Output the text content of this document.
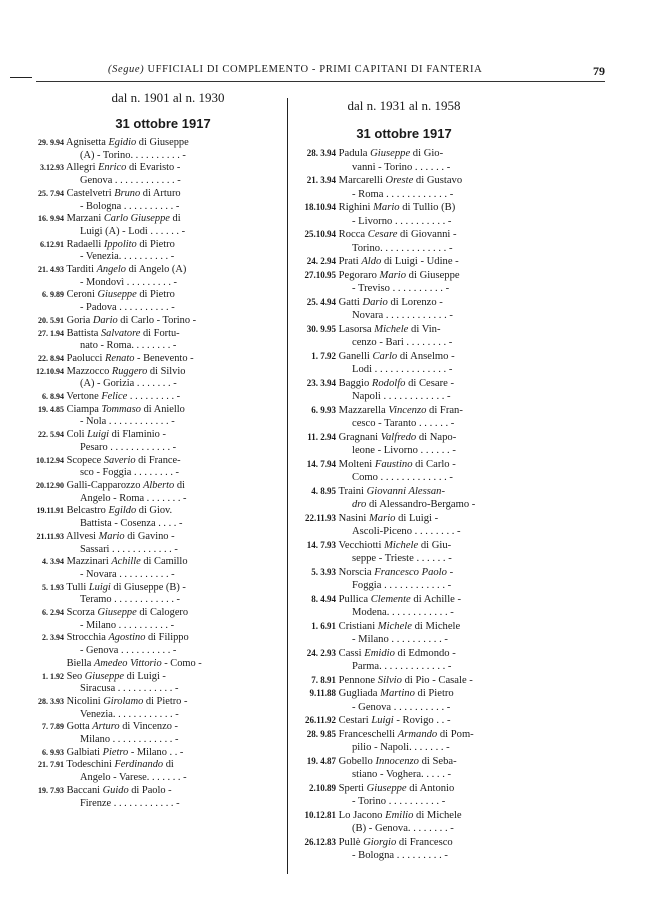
(Segue) UFFICIALI DI COMPLEMENTO - PRIMI CAPITANI DI FANTERIA	79
dal n. 1901 al n. 1930
31 ottobre 1917
29. 9.94 Agnisetta Egidio di Giuseppe
(A) - Torino. . . . . . . . . . -
3.12.93 Allegri Enrico di Evaristo -
Genova . . . . . . . . . . . . -
25. 7.94 Castelvetri Bruno di Arturo
- Bologna . . . . . . . . . . -
16. 9.94 Marzani Carlo Giuseppe di
Luigi (A) - Lodi . . . . . . -
6.12.91 Radaelli Ippolito di Pietro
- Venezia. . . . . . . . . . -
21. 4.93 Tarditi Angelo di Angelo (A)
- Mondovì . . . . . . . . . -
6. 9.89 Ceroni Giuseppe di Pietro
- Padova . . . . . . . . . . -
20. 5.91 Goria Dario di Carlo - Torino -
27. 1.94 Battista Salvatore di Fortu-
nato - Roma. . . . . . . . -
22. 8.94 Paolucci Renato - Benevento -
12.10.94 Mazzocco Ruggero di Silvio
(A) - Gorizia . . . . . . . -
6. 8.94 Vertone Felice . . . . . . . . . -
19. 4.85 Ciampa Tommaso di Aniello
- Nola . . . . . . . . . . . . -
22. 5.94 Coli Luigi di Flaminio -
Pesaro . . . . . . . . . . . . -
10.12.94 Scopece Saverio di France-
sco - Foggia . . . . . . . . -
20.12.90 Galli-Capparozzo Alberto di
Angelo - Roma . . . . . . . -
19.11.91 Belcastro Egildo di Giov.
Battista - Cosenza . . . . -
21.11.93 Allvesi Mario di Gavino -
Sassari . . . . . . . . . . . . -
4. 3.94 Mazzinari Achille di Camillo
- Novara . . . . . . . . . . -
5. 1.93 Tulli Luigi di Giuseppe (B) -
Teramo . . . . . . . . . . . . -
6. 2.94 Scorza Giuseppe di Calogero
- Milano . . . . . . . . . . -
2. 3.94 Strocchia Agostino di Filippo
- Genova . . . . . . . . . . -
Biella Amedeo Vittorio - Como -
1. 1.92 Seo Giuseppe di Luigi -
Siracusa . . . . . . . . . . . -
28. 3.93 Nicolini Girolamo di Pietro -
Venezia. . . . . . . . . . . . -
7. 7.89 Gotta Arturo di Vincenzo -
Milano . . . . . . . . . . . . -
6. 9.93 Galbiati Pietro - Milano . . -
21. 7.91 Todeschini Ferdinando di
Angelo - Varese. . . . . . . -
19. 7.93 Baccani Guido di Paolo -
Firenze . . . . . . . . . . . . -
dal n. 1931 al n. 1958
31 ottobre 1917
28. 3.94 Padula Giuseppe di Gio-
vanni - Torino . . . . . . -
21. 3.94 Marcarelli Oreste di Gustavo
- Roma . . . . . . . . . . . . -
18.10.94 Righini Mario di Tullio (B)
- Livorno . . . . . . . . . . -
25.10.94 Rocca Cesare di Giovanni -
Torino. . . . . . . . . . . . . -
24. 2.94 Prati Aldo di Luigi - Udine -
27.10.95 Pegoraro Mario di Giuseppe
- Treviso . . . . . . . . . . -
25. 4.94 Gatti Dario di Lorenzo -
Novara . . . . . . . . . . . . -
30. 9.95 Lasorsa Michele di Vin-
cenzo - Bari . . . . . . . . -
1. 7.92 Ganelli Carlo di Anselmo -
Lodi . . . . . . . . . . . . . . -
23. 3.94 Baggio Rodolfo di Cesare -
Napoli . . . . . . . . . . . . -
6. 9.93 Mazzarella Vincenzo di Fran-
cesco - Taranto . . . . . . -
11. 2.94 Gragnani Valfredo di Napo-
leone - Livorno . . . . . . -
14. 7.94 Molteni Faustino di Carlo -
Como . . . . . . . . . . . . . -
4. 8.95 Traini Giovanni Alessan-
dro di Alessandro-Bergamo -
22.11.93 Nasini Mario di Luigi -
Ascoli-Piceno . . . . . . . . -
14. 7.93 Vecchiotti Michele di Giu-
seppe - Trieste . . . . . . -
5. 3.93 Norscia Francesco Paolo -
Foggia . . . . . . . . . . . . -
8. 4.94 Pullica Clemente di Achille -
Modena. . . . . . . . . . . . -
1. 6.91 Cristiani Michele di Michele
- Milano . . . . . . . . . . -
24. 2.93 Cassi Emidio di Edmondo -
Parma. . . . . . . . . . . . . -
7. 8.91 Pennone Silvio di Pio - Casale -
9.11.88 Gugliada Martino di Pietro
- Genova . . . . . . . . . . -
26.11.92 Cestari Luigi - Rovigo . . -
28. 9.85 Franceschelli Armando di Pom-
pilio - Napoli. . . . . . . -
19. 4.87 Gobello Innocenzo di Seba-
stiano - Voghera. . . . . -
2.10.89 Sperti Giuseppe di Antonio
- Torino . . . . . . . . . . -
10.12.81 Lo Jacono Emilio di Michele
(B) - Genova. . . . . . . . -
26.12.83 Pullè Giorgio di Francesco
- Bologna . . . . . . . . . -
